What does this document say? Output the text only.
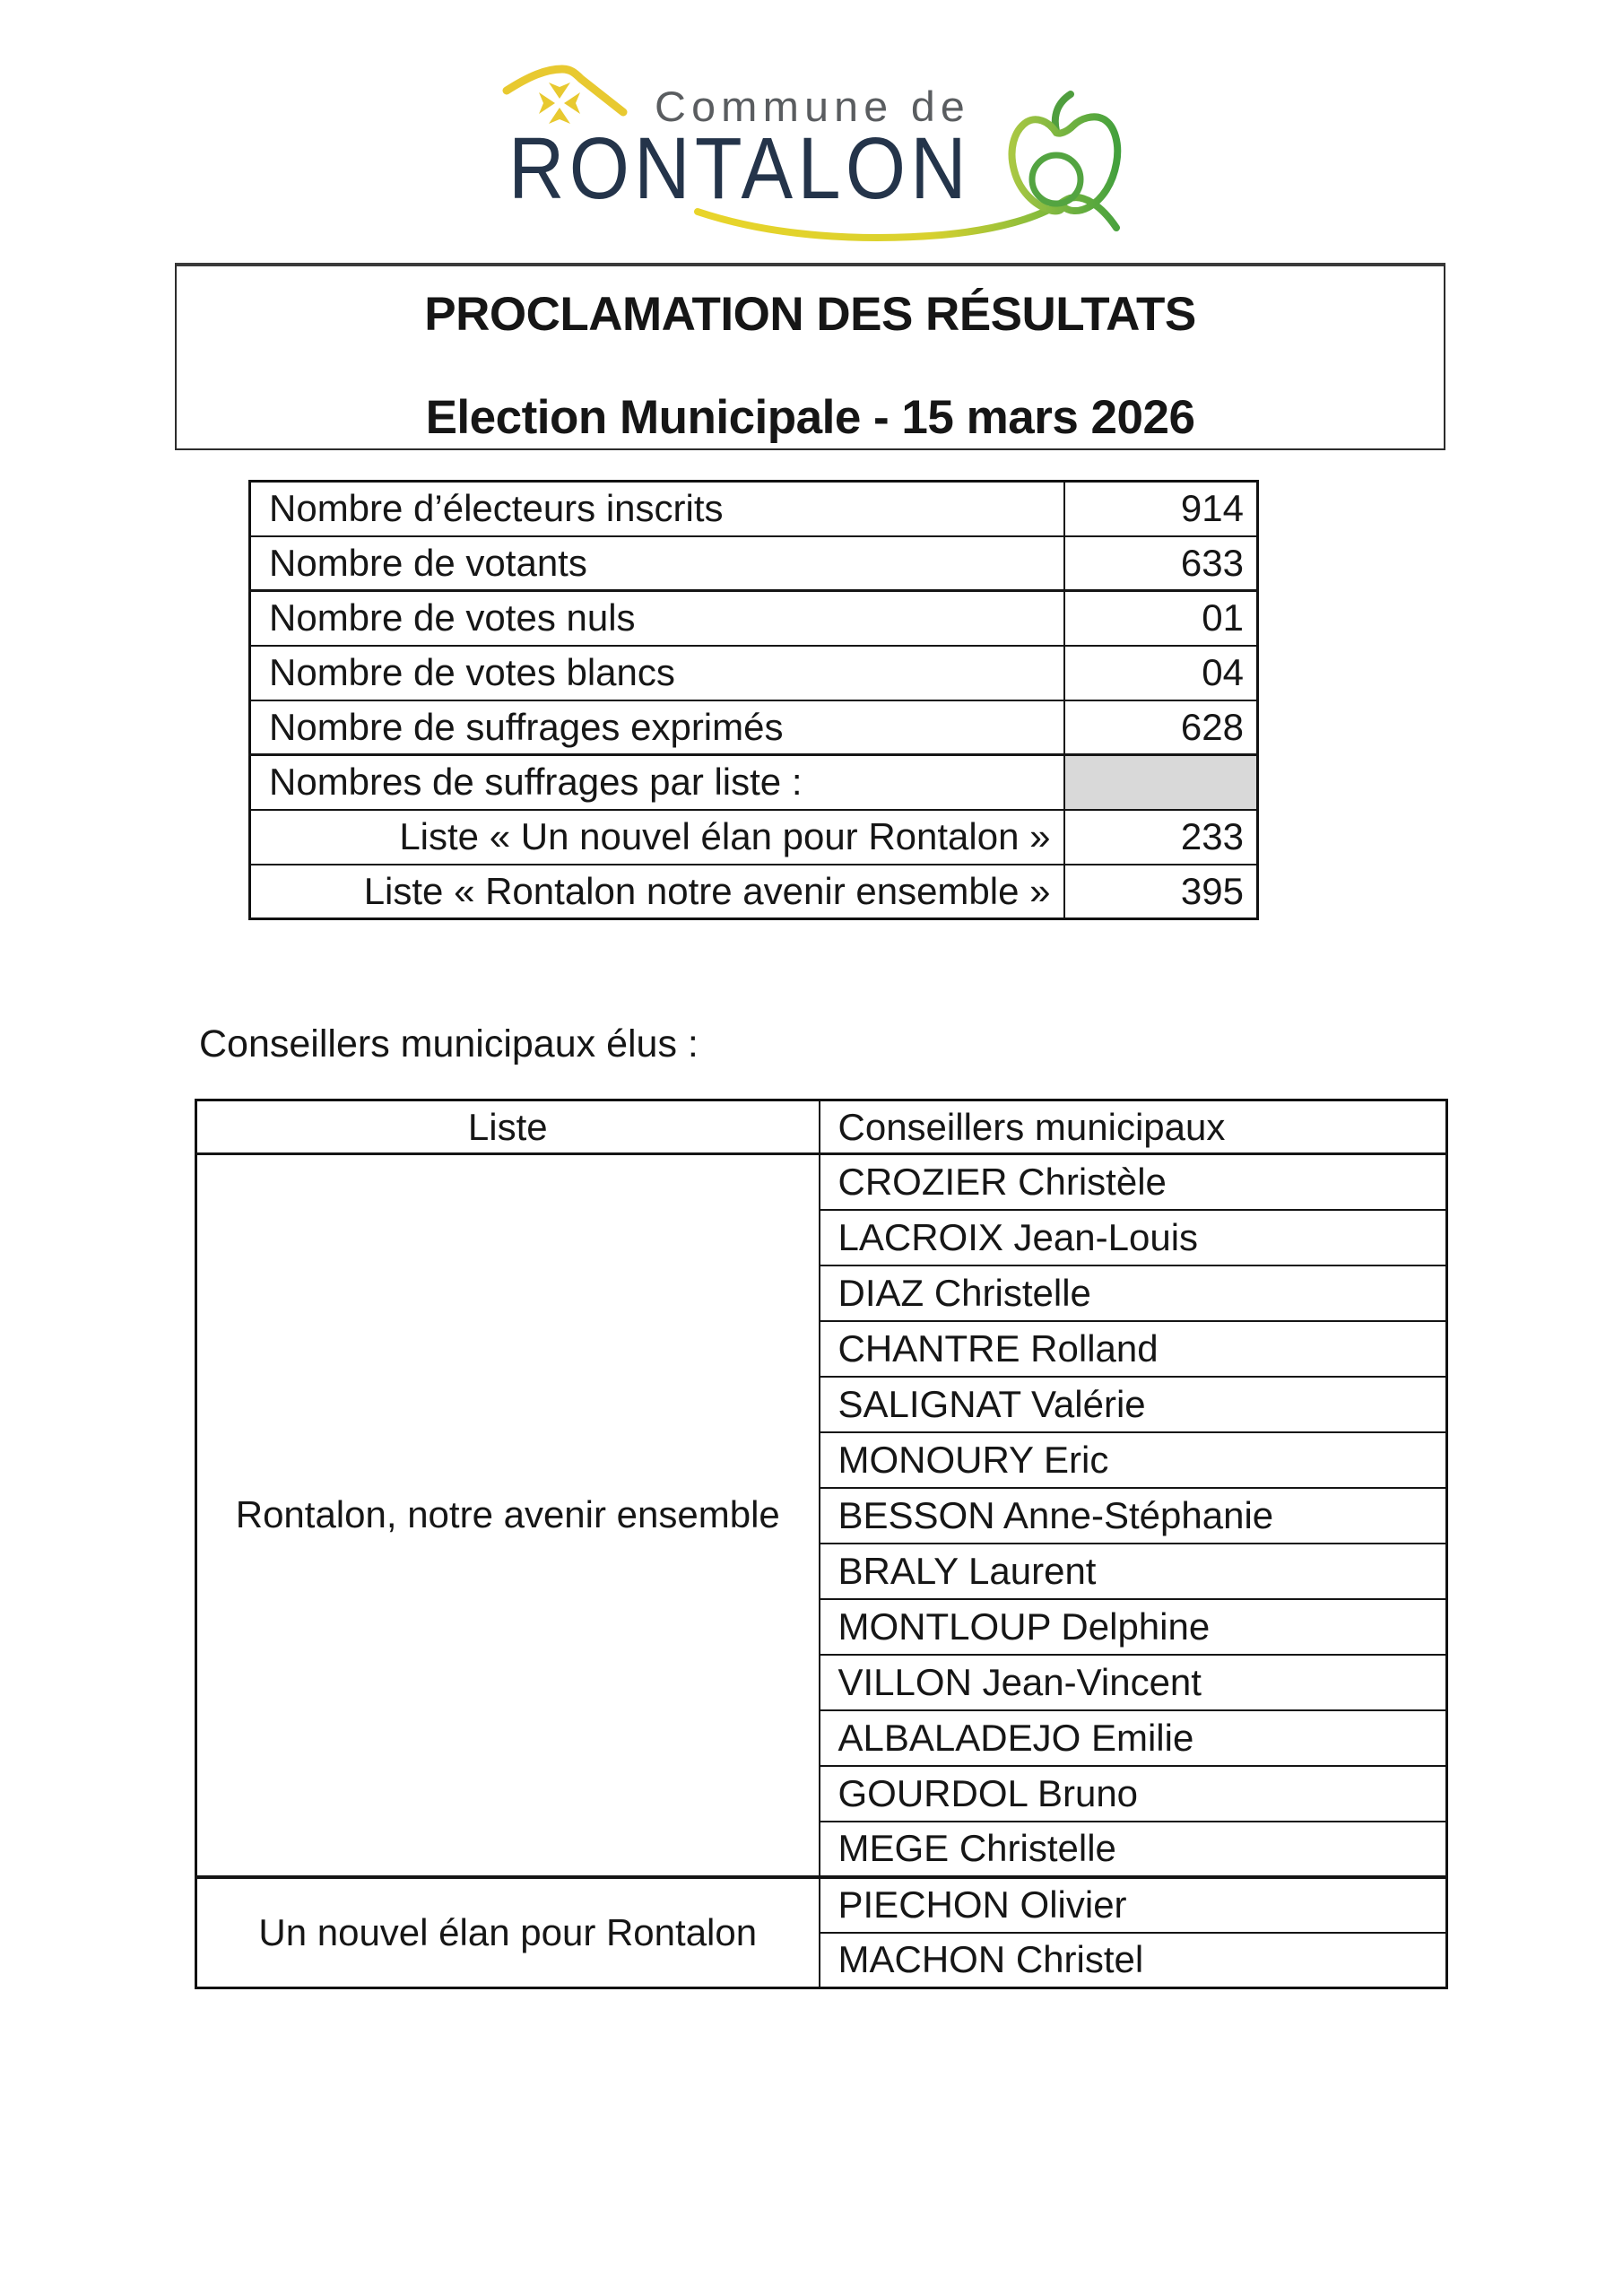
Commune de
RONTALON
PROCLAMATION DES RÉSULTATS
Election Municipale - 15 mars 2026
Nombre d’électeurs inscrits	914
Nombre de votants	633
Nombre de votes nuls	01
Nombre de votes blancs	04
Nombre de suffrages exprimés	628
Nombres de suffrages par liste :	
Liste « Un nouvel élan pour Rontalon »	233
Liste « Rontalon notre avenir ensemble »	395
Conseillers municipaux élus :
Liste	Conseillers municipaux
Rontalon, notre avenir ensemble	CROZIER Christèle
	LACROIX Jean-Louis
	DIAZ Christelle
	CHANTRE Rolland
	SALIGNAT Valérie
	MONOURY Eric
	BESSON Anne-Stéphanie
	BRALY Laurent
	MONTLOUP Delphine
	VILLON Jean-Vincent
	ALBALADEJO Emilie
	GOURDOL Bruno
	MEGE Christelle
Un nouvel élan pour Rontalon	PIECHON Olivier
	MACHON Christel
